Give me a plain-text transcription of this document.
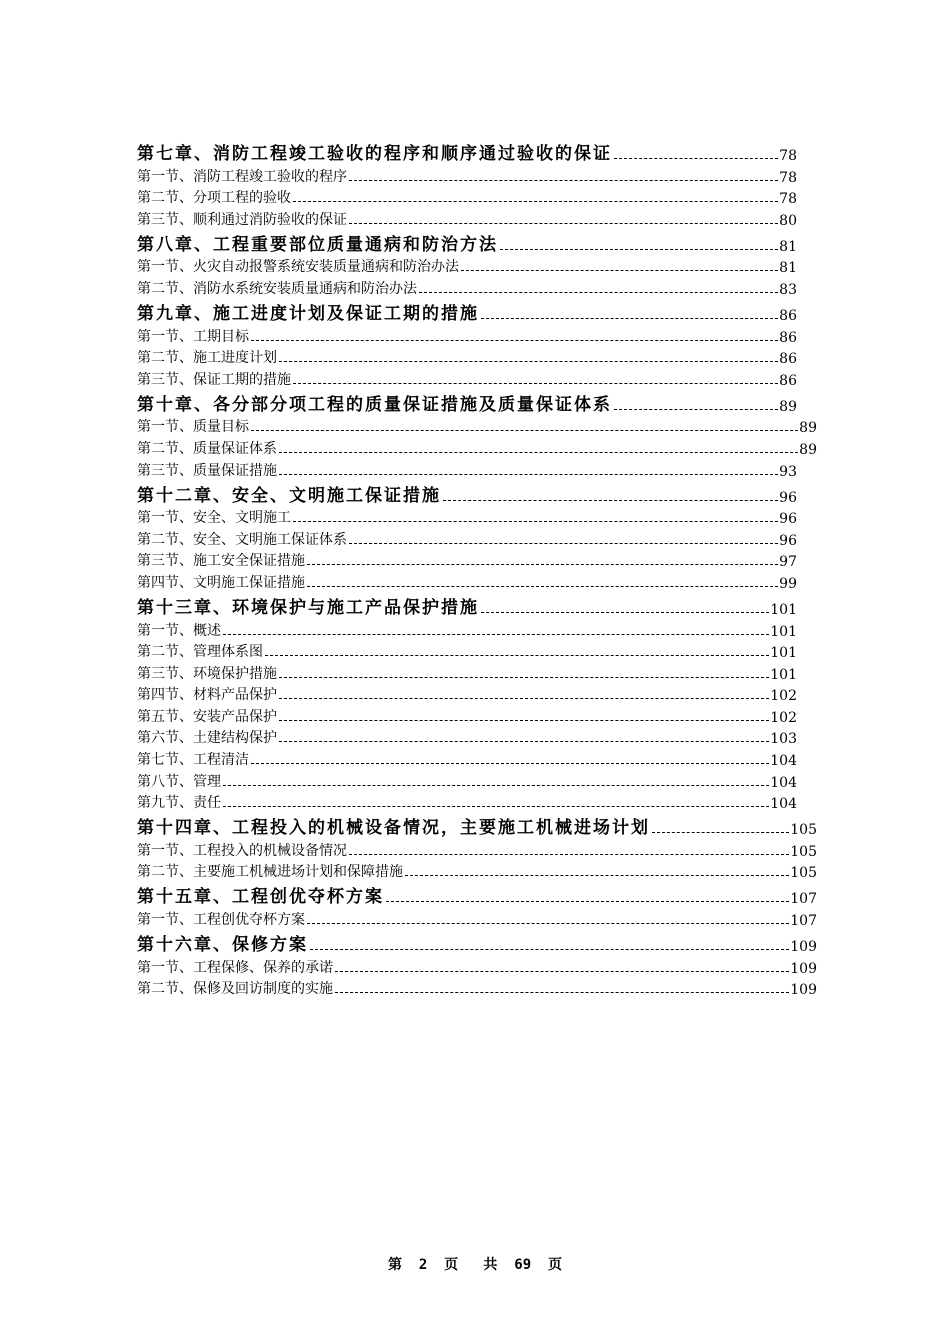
第七章、消防工程竣工验收的程序和顺序通过验收的保证	78
第一节、消防工程竣工验收的程序	78
第二节、分项工程的验收	78
第三节、顺利通过消防验收的保证	80
第八章、工程重要部位质量通病和防治方法	81
第一节、火灾自动报警系统安装质量通病和防治办法	81
第二节、消防水系统安装质量通病和防治办法	83
第九章、施工进度计划及保证工期的措施	86
第一节、工期目标	86
第二节、施工进度计划	86
第三节、保证工期的措施	86
第十章、各分部分项工程的质量保证措施及质量保证体系	89
第一节、质量目标	89
第二节、质量保证体系	89
第三节、质量保证措施	93
第十二章、安全、文明施工保证措施	96
第一节、安全、文明施工	96
第二节、安全、文明施工保证体系	96
第三节、施工安全保证措施	97
第四节、文明施工保证措施	99
第十三章、环境保护与施工产品保护措施	101
第一节、概述	101
第二节、管理体系图	101
第三节、环境保护措施	101
第四节、材料产品保护	102
第五节、安装产品保护	102
第六节、土建结构保护	103
第七节、工程清洁	104
第八节、管理	104
第九节、责任	104
第十四章、工程投入的机械设备情况，主要施工机械进场计划	105
第一节、工程投入的机械设备情况	105
第二节、主要施工机械进场计划和保障措施	105
第十五章、工程创优夺杯方案	107
第一节、工程创优夺杯方案	107
第十六章、保修方案	109
第一节、工程保修、保养的承诺	109
第二节、保修及回访制度的实施	109
第  2  页   共  69  页
